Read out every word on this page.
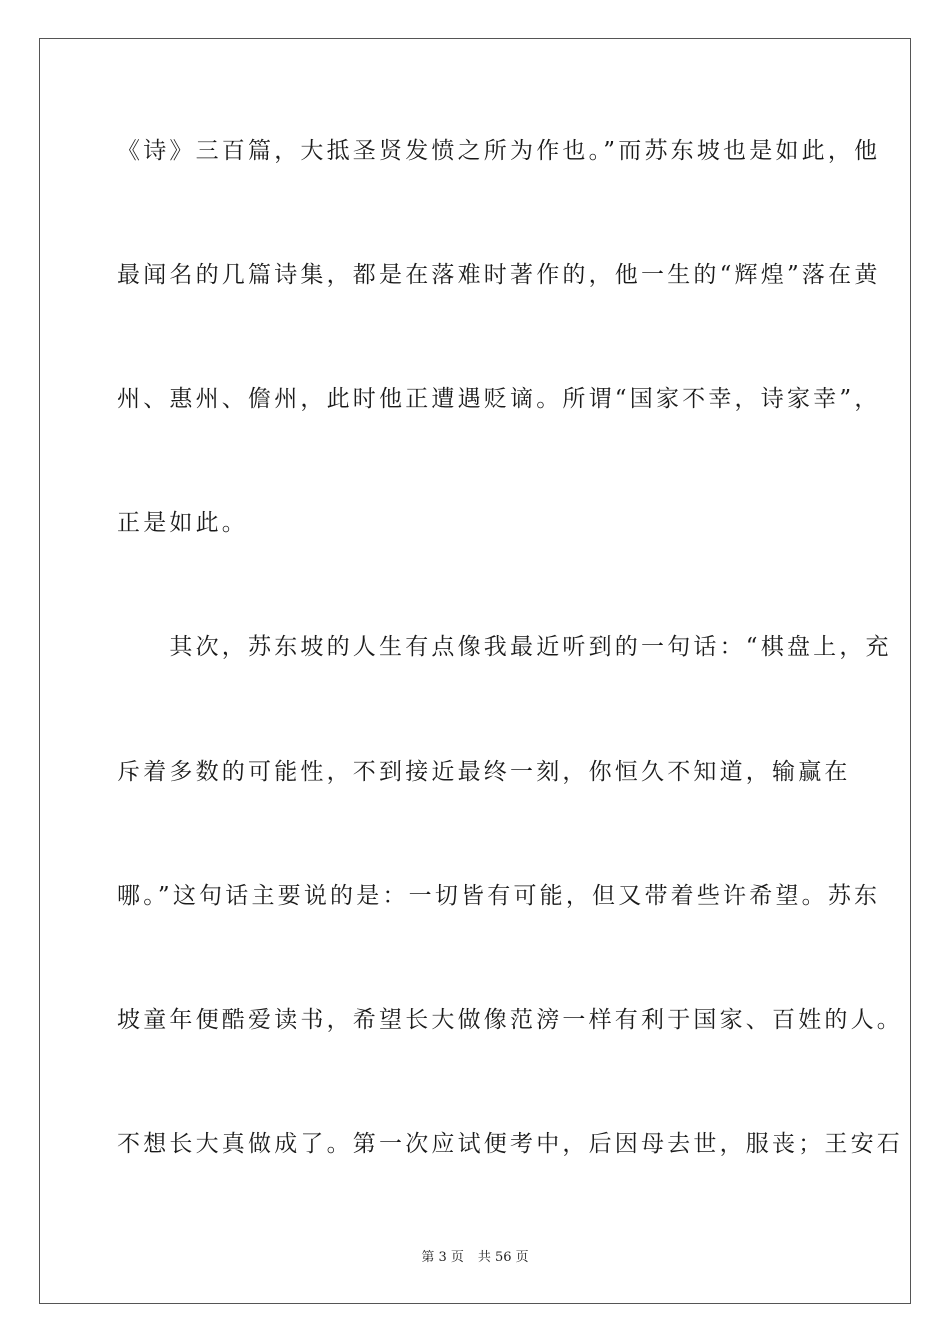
《诗》三百篇，大抵圣贤发愤之所为作也。”而苏东坡也是如此，他
最闻名的几篇诗集，都是在落难时著作的，他一生的“辉煌”落在黄
州、惠州、儋州，此时他正遭遇贬谪。所谓“国家不幸，诗家幸”，
正是如此。
　　其次，苏东坡的人生有点像我最近听到的一句话：“棋盘上，充
斥着多数的可能性，不到接近最终一刻，你恒久不知道，输赢在
哪。”这句话主要说的是：一切皆有可能，但又带着些许希望。苏东
坡童年便酷爱读书，希望长大做像范滂一样有利于国家、百姓的人。
不想长大真做成了。第一次应试便考中，后因母去世，服丧；王安石
第 3 页 共 56 页
